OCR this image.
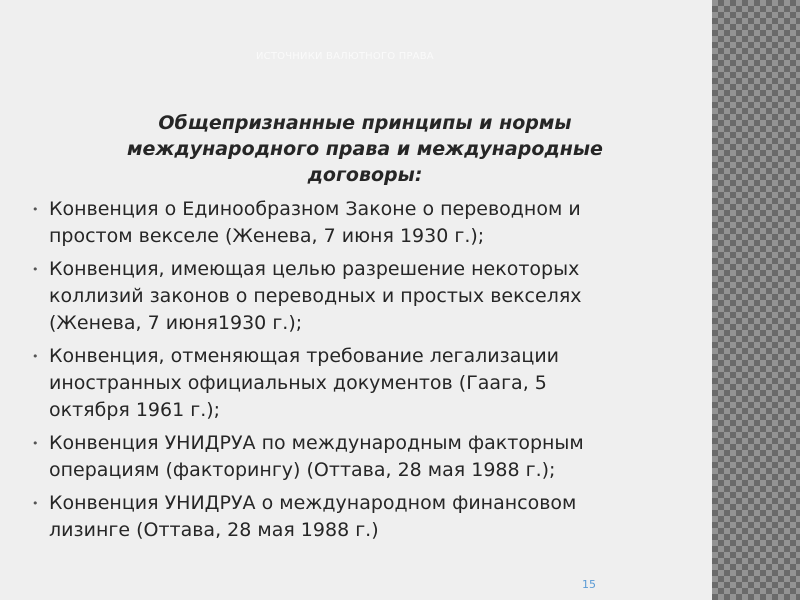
ИСТОЧНИКИ ВАЛЮТНОГО ПРАВА
Общепризнанные принципы и нормы
международного права и международные
договоры:
• Конвенция о Единообразном Законе о переводном и
простом векселе (Женева, 7 июня 1930 г.);
• Конвенция, имеющая целью разрешение некоторых
коллизий законов о переводных и простых векселях
(Женева, 7 июня1930 г.);
• Конвенция, отменяющая требование легализации
иностранных официальных документов (Гаага, 5
октября 1961 г.);
• Конвенция УНИДРУА по международным факторным
операциям (факторингу) (Оттава, 28 мая 1988 г.);
• Конвенция УНИДРУА о международном финансовом
лизинге (Оттава, 28 мая 1988 г.)
15
